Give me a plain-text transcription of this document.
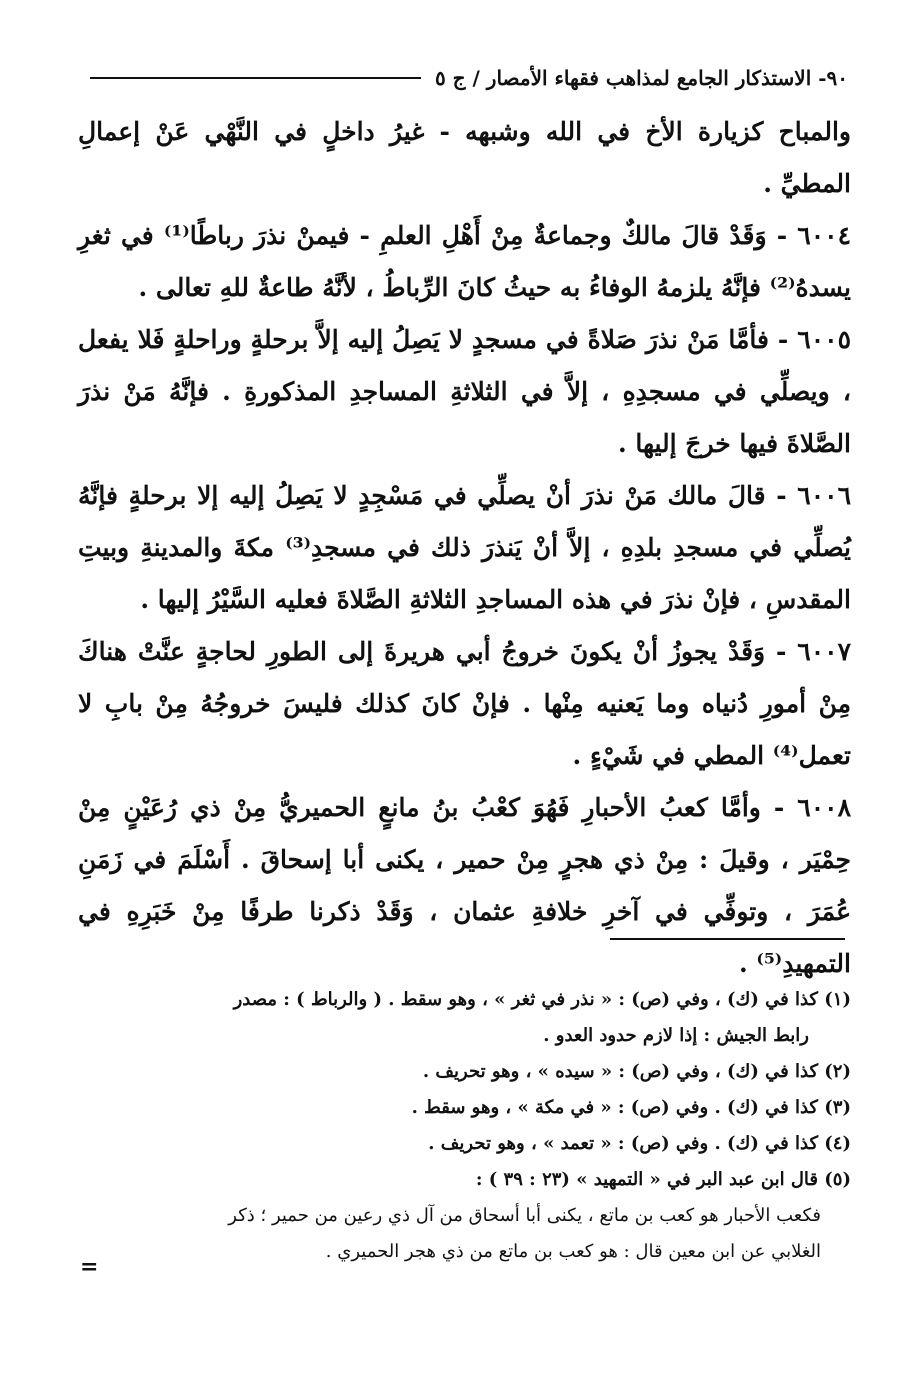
٩٠- الاستذكار الجامع لمذاهب فقهاء الأمصار / ج ٥

والمباح كزيارة الأخ في الله وشبهه - غيرُ داخلٍ في النَّهْي عَنْ إعمالِ المطيِّ .

٦٠٠٤ - وَقَدْ قالَ مالكٌ وجماعةٌ مِنْ أَهْلِ العلمِ - فيمنْ نذرَ رباطًا⁽¹⁾ في ثغرِ يسدهُ⁽²⁾ فإنَّهُ يلزمهُ الوفاءُ به حيثُ كانَ الرِّباطُ ، لأنَّهُ طاعةٌ للهِ تعالى .

٦٠٠٥ - فأمَّا مَنْ نذرَ صَلاةً في مسجدٍ لا يَصِلُ إليه إلاَّ برحلةٍ وراحلةٍ فَلا يفعل ، ويصلِّي في مسجدِهِ ، إلاَّ في الثلاثةِ المساجدِ المذكورةِ . فإنَّهُ مَنْ نذرَ الصَّلاةَ فيها خرجَ إليها .

٦٠٠٦ - قالَ مالك مَنْ نذرَ أنْ يصلِّي في مَسْجِدٍ لا يَصِلُ إليه إلا برحلةٍ فإنَّهُ يُصلِّي في مسجدِ بلدِهِ ، إلاَّ أنْ يَنذرَ ذلك في مسجدِ⁽³⁾ مكةَ والمدينةِ وبيتِ المقدسِ ، فإنْ نذرَ في هذه المساجدِ الثلاثةِ الصَّلاةَ فعليه السَّيْرُ إليها .

٦٠٠٧ - وَقَدْ يجوزُ أنْ يكونَ خروجُ أبي هريرةَ إلى الطورِ لحاجةٍ عنَّتْ هناكَ مِنْ أمورِ دُنياه وما يَعنيه مِنْها . فإنْ كانَ كذلك فليسَ خروجُهُ مِنْ بابِ لا تعمل⁽⁴⁾ المطي في شَيْءٍ .

٦٠٠٨ - وأمَّا كعبُ الأحبارِ فَهُوَ كعْبُ بنُ مانعٍ الحميريُّ مِنْ ذي رُعَيْنٍ مِنْ حِمْيَر ، وقيلَ : مِنْ ذي هجرٍ مِنْ حمير ، يكنى أبا إسحاقَ . أَسْلَمَ في زَمَنِ عُمَرَ ، وتوفِّي في آخرِ خلافةِ عثمان ، وَقَدْ ذكرنا طرفًا مِنْ خَبَرِهِ في التمهيدِ⁽⁵⁾ .

(١) كذا في (ك) ، وفي (ص) : « نذر في ثغر » ، وهو سقط . ( والرباط ) : مصدر

رابط الجيش : إذا لازم حدود العدو .

(٢) كذا في (ك) ، وفي (ص) : « سيده » ، وهو تحريف .

(٣) كذا في (ك) . وفي (ص) : « في مكة » ، وهو سقط .

(٤) كذا في (ك) . وفي (ص) : « تعمد » ، وهو تحريف .

(٥) قال ابن عبد البر في « التمهيد » (٢٣ : ٣٩ ) :

فكعب الأحبار هو كعب بن ماتع ، يكنى أبا أسحاق من آل ذي رعين من حمير ؛ ذكر

الغلابي عن ابن معين قال : هو كعب بن ماتع من ذي هجر الحميري .

=
